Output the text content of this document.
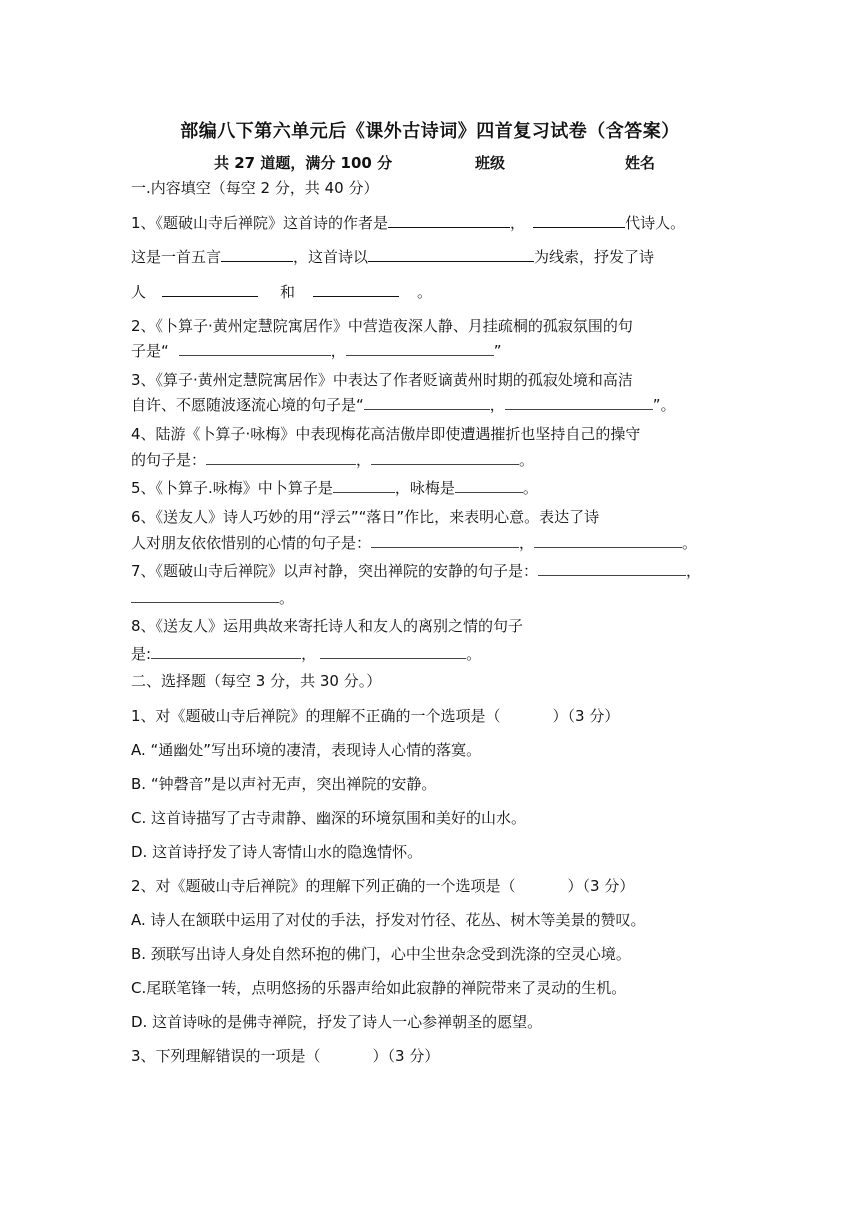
部编八下第六单元后《课外古诗词》四首复习试卷（含答案）
共 27 道题，满分 100 分	班级	姓名
一.内容填空（每空 2 分，共 40 分）
1、《题破山寺后禅院》这首诗的作者是	，	代诗人。
这是一首五言	，这首诗以	为线索，抒发了诗
人	和	。
2、《卜算子·黄州定慧院寓居作》中营造夜深人静、月挂疏桐的孤寂氛围的句
子是“	，	”
3、《算子·黄州定慧院寓居作》中表达了作者贬谪黄州时期的孤寂处境和高洁
自许、不愿随波逐流心境的句子是“	，	”。
4、陆游《卜算子·咏梅》中表现梅花高洁傲岸即使遭遇摧折也坚持自己的操守
的句子是：	，	。
5、《卜算子.咏梅》中卜算子是	，咏梅是	。
6、《送友人》诗人巧妙的用“浮云”“落日”作比，来表明心意。表达了诗
人对朋友依依惜别的心情的句子是：	，	。
7、《题破山寺后禅院》以声衬静，突出禅院的安静的句子是：	，
。
8、《送友人》运用典故来寄托诗人和友人的离别之情的句子
是:	，	。
二、选择题（每空 3 分，共 30 分。）
1、对《题破山寺后禅院》的理解不正确的一个选项是（	）（3 分）
A. “通幽处”写出环境的凄清，表现诗人心情的落寞。
B. “钟磬音”是以声衬无声，突出禅院的安静。
C. 这首诗描写了古寺肃静、幽深的环境氛围和美好的山水。
D. 这首诗抒发了诗人寄情山水的隐逸情怀。
2、对《题破山寺后禅院》的理解下列正确的一个选项是（	）（3 分）
A. 诗人在颔联中运用了对仗的手法，抒发对竹径、花丛、树木等美景的赞叹。
B. 颈联写出诗人身处自然环抱的佛门，心中尘世杂念受到洗涤的空灵心境。
C.尾联笔锋一转，点明悠扬的乐器声给如此寂静的禅院带来了灵动的生机。
D. 这首诗咏的是佛寺禅院，抒发了诗人一心参禅朝圣的愿望。
3、下列理解错误的一项是（	）（3 分）
